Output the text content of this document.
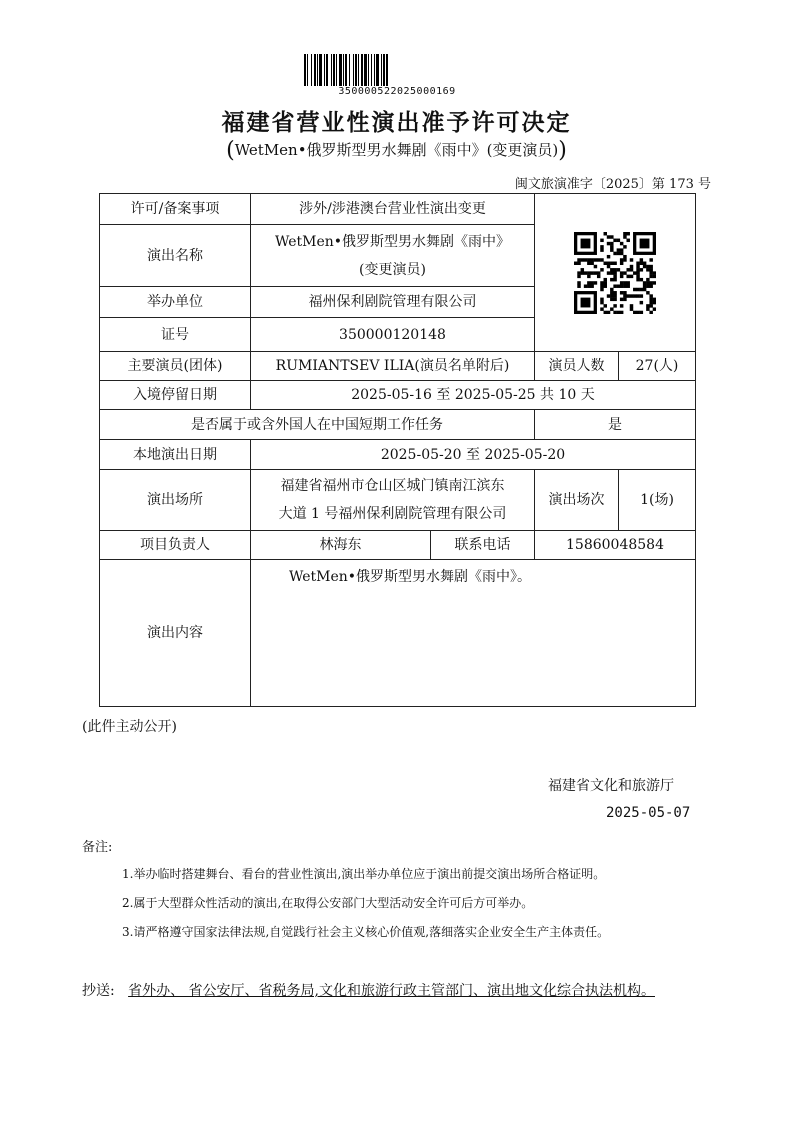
350000522025000169
福建省营业性演出准予许可决定
(WetMen•俄罗斯型男水舞剧《雨中》(变更演员))
闽文旅演准字〔2025〕第 173 号
许可/备案事项	涉外/涉港澳台营业性演出变更	

演出名称	WetMen•俄罗斯型男水舞剧《雨中》
(变更演员)			

举办单位	福州保利剧院管理有限公司			
证号	350000120148			
主要演员(团体)	RUMIANTSEV ILIA(演员名单附后)		演员人数	27(人)
入境停留日期	2025-05-16 至 2025-05-25 共 10 天			
是否属于或含外国人在中国短期工作任务			是	
本地演出日期	2025-05-20 至 2025-05-20			
演出场所	福建省福州市仓山区城门镇南江滨东
大道 1 号福州保利剧院管理有限公司		演出场次	1(场)
项目负责人	林海东	联系电话	15860048584	
演出内容	WetMen•俄罗斯型男水舞剧《雨中》。			
(此件主动公开)
福建省文化和旅游厅
2025-05-07
备注:
1.举办临时搭建舞台、看台的营业性演出,演出举办单位应于演出前提交演出场所合格证明。
2.属于大型群众性活动的演出,在取得公安部门大型活动安全许可后方可举办。
3.请严格遵守国家法律法规,自觉践行社会主义核心价值观,落细落实企业安全生产主体责任。
抄送: 省外办、 省公安厅、省税务局,文化和旅游行政主管部门、演出地文化综合执法机构。
